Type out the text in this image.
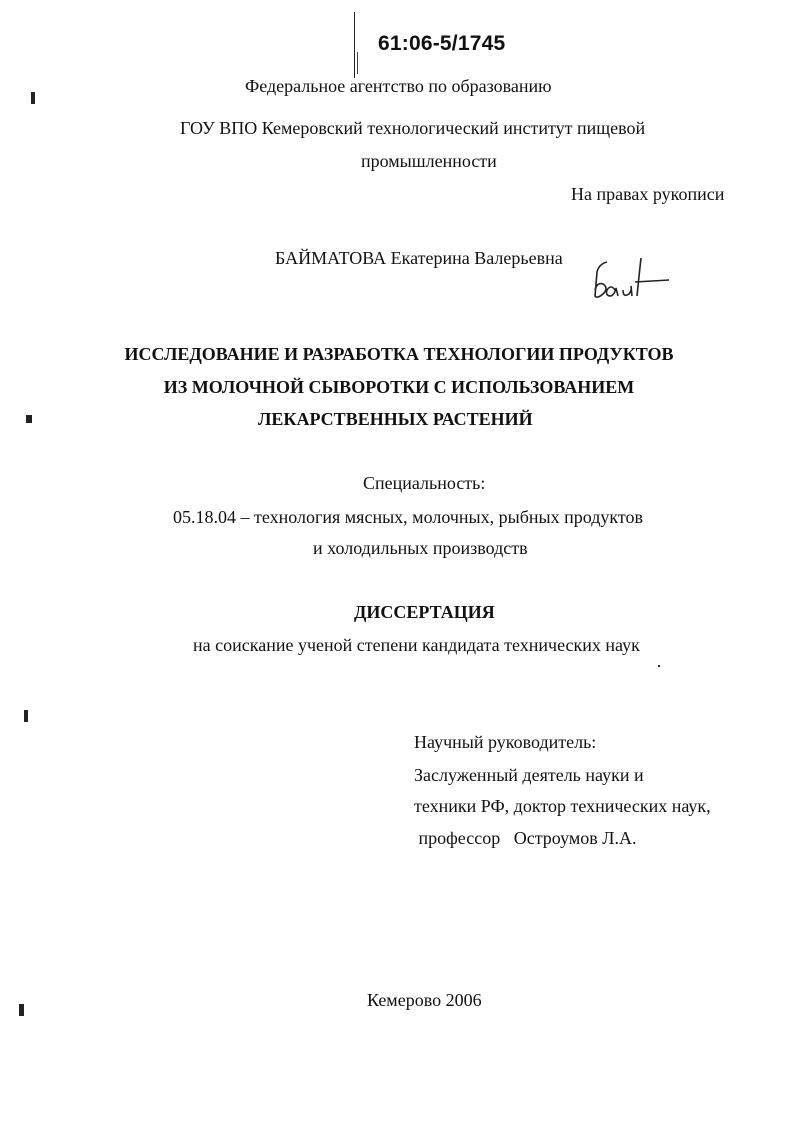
61:06-5/1745
Федеральное агентство по образованию
ГОУ ВПО Кемеровский технологический институт пищевой
промышленности
На правах рукописи
БАЙМАТОВА Екатерина Валерьевна
ИССЛЕДОВАНИЕ И РАЗРАБОТКА ТЕХНОЛОГИИ ПРОДУКТОВ
ИЗ МОЛОЧНОЙ СЫВОРОТКИ С ИСПОЛЬЗОВАНИЕМ
ЛЕКАРСТВЕННЫХ РАСТЕНИЙ
Специальность:
05.18.04 – технология мясных, молочных, рыбных продуктов
и холодильных производств
ДИССЕРТАЦИЯ
на соискание ученой степени кандидата технических наук
Научный руководитель:
Заслуженный деятель науки и
техники РФ, доктор технических наук,
профессор   Остроумов Л.А.
Кемерово 2006
